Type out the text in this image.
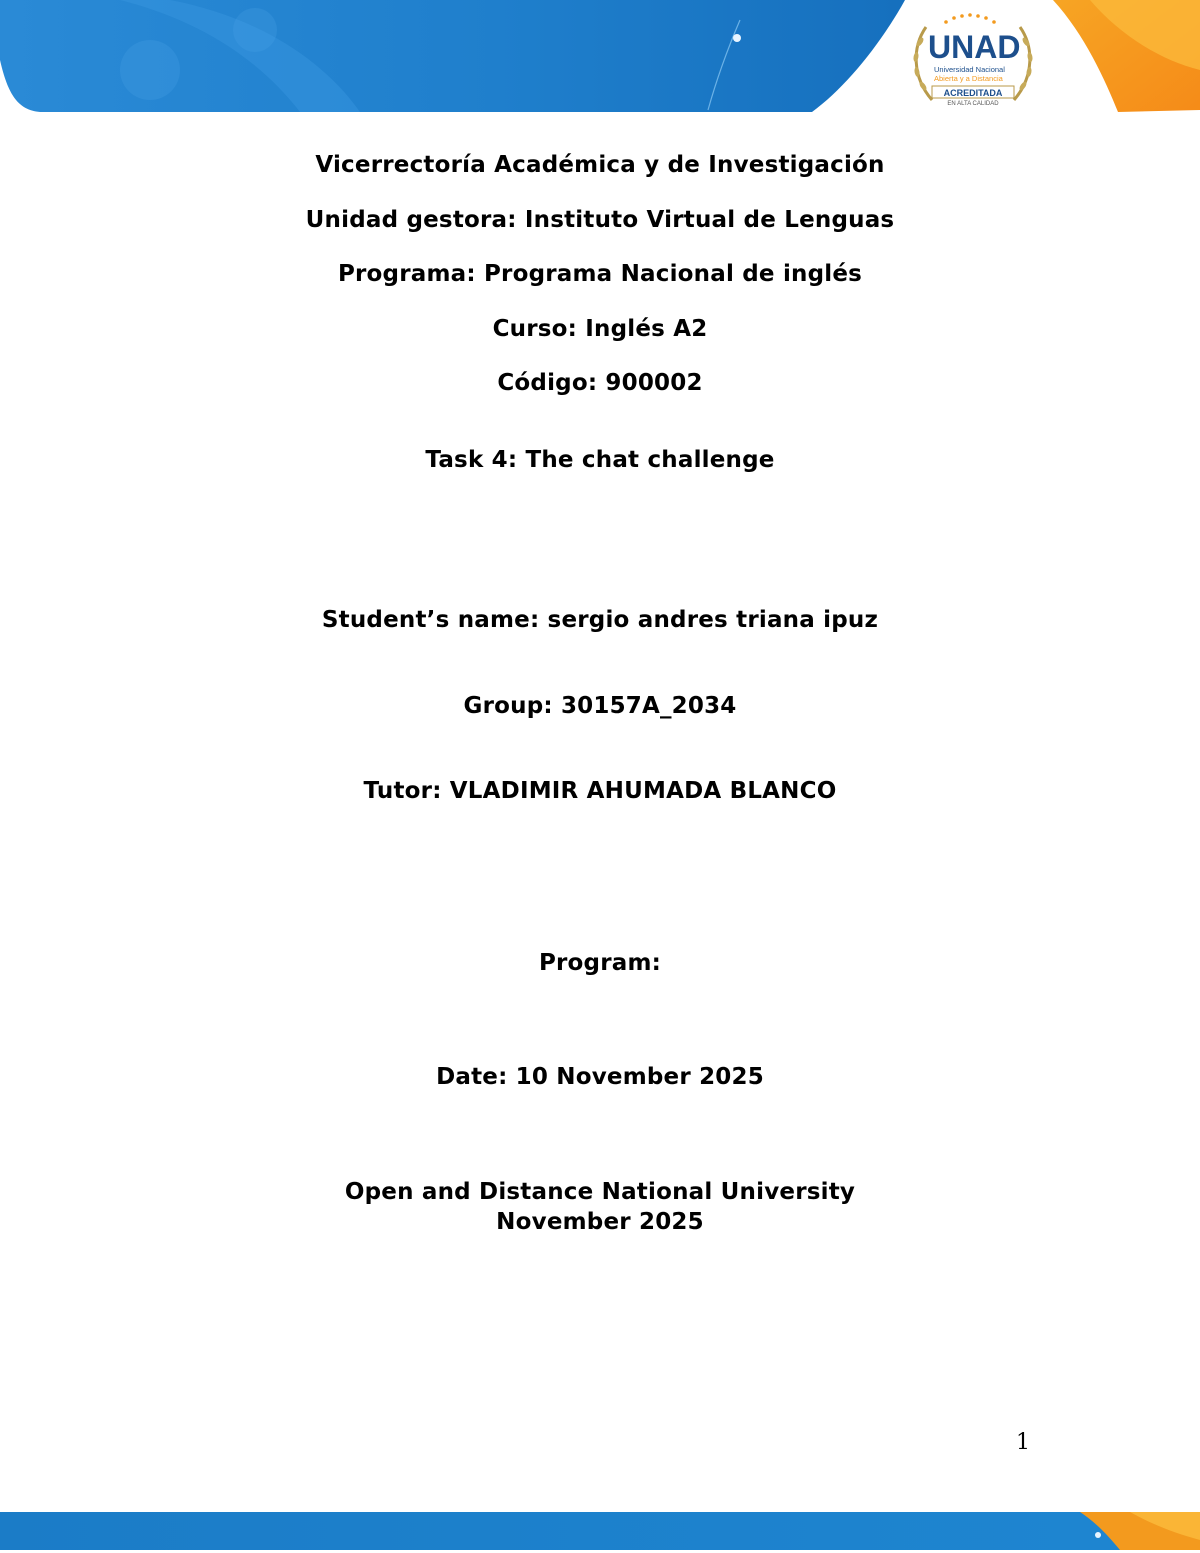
UNAD
Universidad Nacional
Abierta y a Distancia
ACREDITADA
EN ALTA CALIDAD
Vicerrectoría Académica y de Investigación
Unidad gestora: Instituto Virtual de Lenguas
Programa: Programa Nacional de inglés
Curso: Inglés A2
Código: 900002
Task 4: The chat challenge
Student’s name: sergio andres triana ipuz
Group: 30157A_2034
Tutor: VLADIMIR AHUMADA BLANCO
Program:
Date: 10 November 2025
Open and Distance National University
November 2025
1
